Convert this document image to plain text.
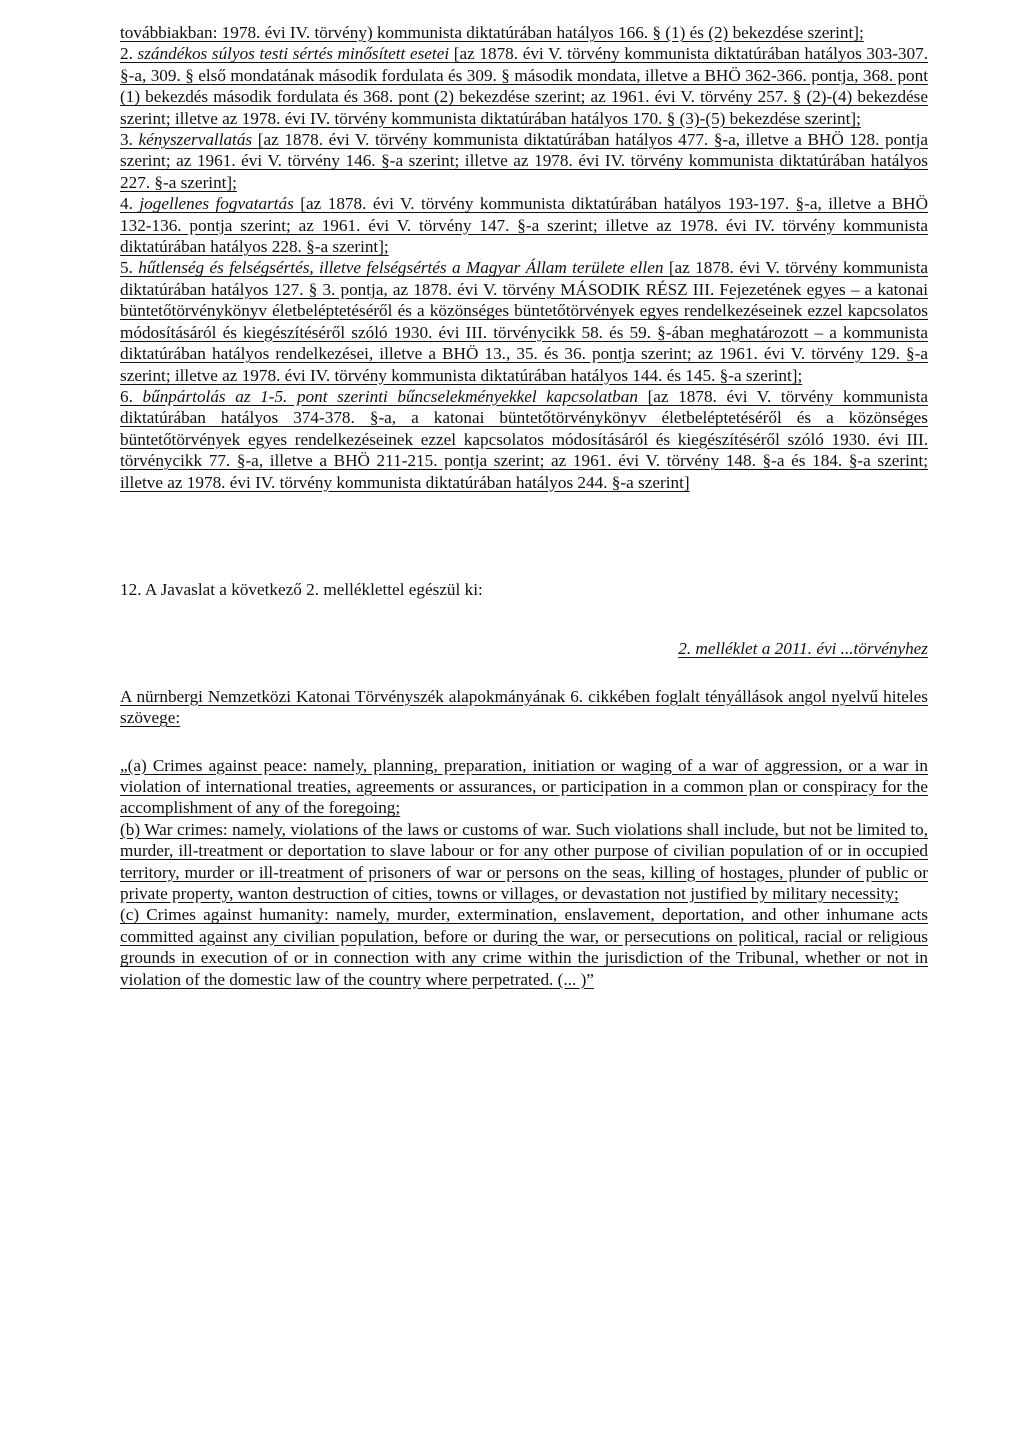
továbbiakban: 1978. évi IV. törvény) kommunista diktatúrában hatályos 166. § (1) és (2) bekezdése szerint];

2. szándékos súlyos testi sértés minősített esetei [az 1878. évi V. törvény kommunista diktatúrában hatályos 303-307. §-a, 309. § első mondatának második fordulata és 309. § második mondata, illetve a BHÖ 362-366. pontja, 368. pont (1) bekezdés második fordulata és 368. pont (2) bekezdése szerint; az 1961. évi V. törvény 257. § (2)-(4) bekezdése szerint; illetve az 1978. évi IV. törvény kommunista diktatúrában hatályos 170. § (3)-(5) bekezdése szerint];

3. kényszervallatás [az 1878. évi V. törvény kommunista diktatúrában hatályos 477. §-a, illetve a BHÖ 128. pontja szerint; az 1961. évi V. törvény 146. §-a szerint; illetve az 1978. évi IV. törvény kommunista diktatúrában hatályos 227. §-a szerint];

4. jogellenes fogvatartás [az 1878. évi V. törvény kommunista diktatúrában hatályos 193-197. §-a, illetve a BHÖ 132-136. pontja szerint; az 1961. évi V. törvény 147. §-a szerint; illetve az 1978. évi IV. törvény kommunista diktatúrában hatályos 228. §-a szerint];

5. hűtlenség és felségsértés, illetve felségsértés a Magyar Állam területe ellen [az 1878. évi V. törvény kommunista diktatúrában hatályos 127. § 3. pontja, az 1878. évi V. törvény MÁSODIK RÉSZ III. Fejezetének egyes – a katonai büntetőtörvénykönyv életbeléptetéséről és a közönséges büntetőtörvények egyes rendelkezéseinek ezzel kapcsolatos módosításáról és kiegészítéséről szóló 1930. évi III. törvénycikk 58. és 59. §-ában meghatározott – a kommunista diktatúrában hatályos rendelkezései, illetve a BHÖ 13., 35. és 36. pontja szerint; az 1961. évi V. törvény 129. §-a szerint; illetve az 1978. évi IV. törvény kommunista diktatúrában hatályos 144. és 145. §-a szerint];

6. bűnpártolás az 1-5. pont szerinti bűncselekményekkel kapcsolatban [az 1878. évi V. törvény kommunista diktatúrában hatályos 374-378. §-a, a katonai büntetőtörvénykönyv életbeléptetéséről és a közönséges büntetőtörvények egyes rendelkezéseinek ezzel kapcsolatos módosításáról és kiegészítéséről szóló 1930. évi III. törvénycikk 77. §-a, illetve a BHÖ 211-215. pontja szerint; az 1961. évi V. törvény 148. §-a és 184. §-a szerint; illetve az 1978. évi IV. törvény kommunista diktatúrában hatályos 244. §-a szerint]

12. A Javaslat a következő 2. melléklettel egészül ki:
2. melléklet a 2011. évi ...törvényhez
A nürnbergi Nemzetközi Katonai Törvényszék alapokmányának 6. cikkében foglalt tényállások angol nyelvű hiteles szövege:

„(a) Crimes against peace: namely, planning, preparation, initiation or waging of a war of aggression, or a war in violation of international treaties, agreements or assurances, or participation in a common plan or conspiracy for the accomplishment of any of the foregoing;

(b) War crimes: namely, violations of the laws or customs of war. Such violations shall include, but not be limited to, murder, ill-treatment or deportation to slave labour or for any other purpose of civilian population of or in occupied territory, murder or ill-treatment of prisoners of war or persons on the seas, killing of hostages, plunder of public or private property, wanton destruction of cities, towns or villages, or devastation not justified by military necessity;

(c) Crimes against humanity: namely, murder, extermination, enslavement, deportation, and other inhumane acts committed against any civilian population, before or during the war, or persecutions on political, racial or religious grounds in execution of or in connection with any crime within the jurisdiction of the Tribunal, whether or not in violation of the domestic law of the country where perpetrated. (... )”
